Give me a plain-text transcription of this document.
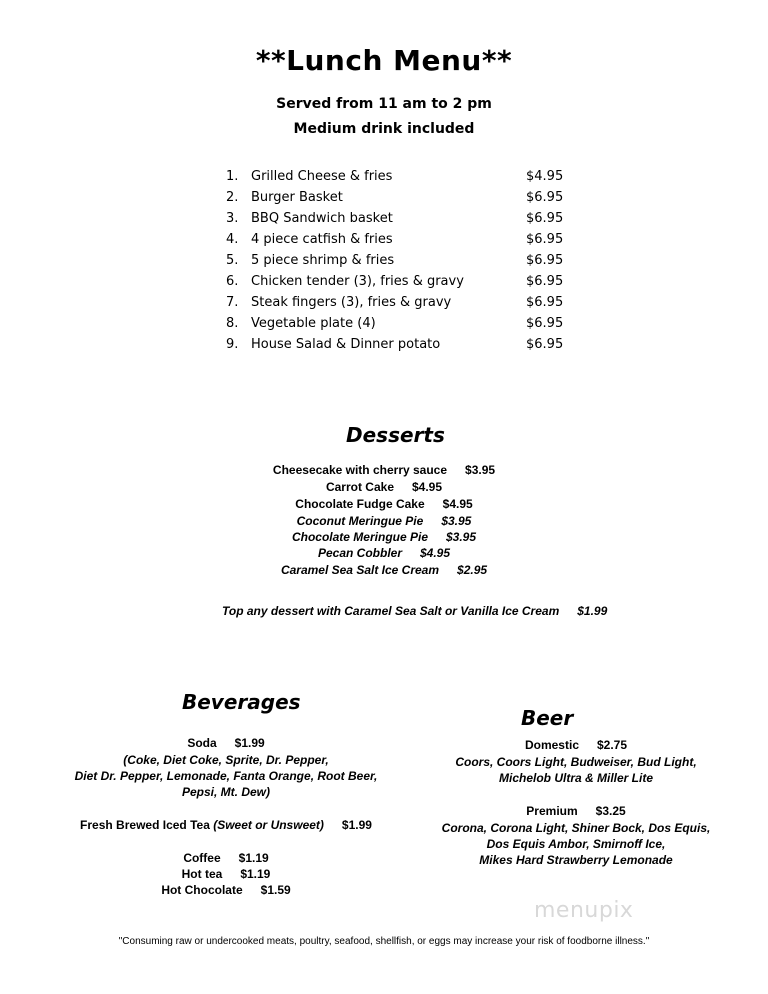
**Lunch Menu**
Served from 11 am to 2 pm
Medium drink included
1. Grilled Cheese & fries	$4.95
2. Burger Basket	$6.95
3. BBQ Sandwich basket	$6.95
4. 4 piece catfish & fries	$6.95
5. 5 piece shrimp & fries	$6.95
6. Chicken tender (3), fries & gravy	$6.95
7. Steak fingers (3), fries & gravy	$6.95
8. Vegetable plate (4)	$6.95
9. House Salad & Dinner potato	$6.95
Desserts
Cheesecake with cherry sauce $3.95
Carrot Cake $4.95
Chocolate Fudge Cake $4.95
Coconut Meringue Pie $3.95
Chocolate Meringue Pie $3.95
Pecan Cobbler $4.95
Caramel Sea Salt Ice Cream $2.95
Top any dessert with Caramel Sea Salt or Vanilla Ice Cream $1.99
Beverages
Soda $1.99
(Coke, Diet Coke, Sprite, Dr. Pepper,
Diet Dr. Pepper, Lemonade, Fanta Orange, Root Beer,
Pepsi, Mt. Dew)
Fresh Brewed Iced Tea (Sweet or Unsweet) $1.99
Coffee $1.19
Hot tea $1.19
Hot Chocolate $1.59
Beer
Domestic $2.75
Coors, Coors Light, Budweiser, Bud Light,
Michelob Ultra & Miller Lite
Premium $3.25
Corona, Corona Light, Shiner Bock, Dos Equis,
Dos Equis Ambor, Smirnoff Ice,
Mikes Hard Strawberry Lemonade
menupix
"Consuming raw or undercooked meats, poultry, seafood, shellfish, or eggs may increase your risk of foodborne illness."
